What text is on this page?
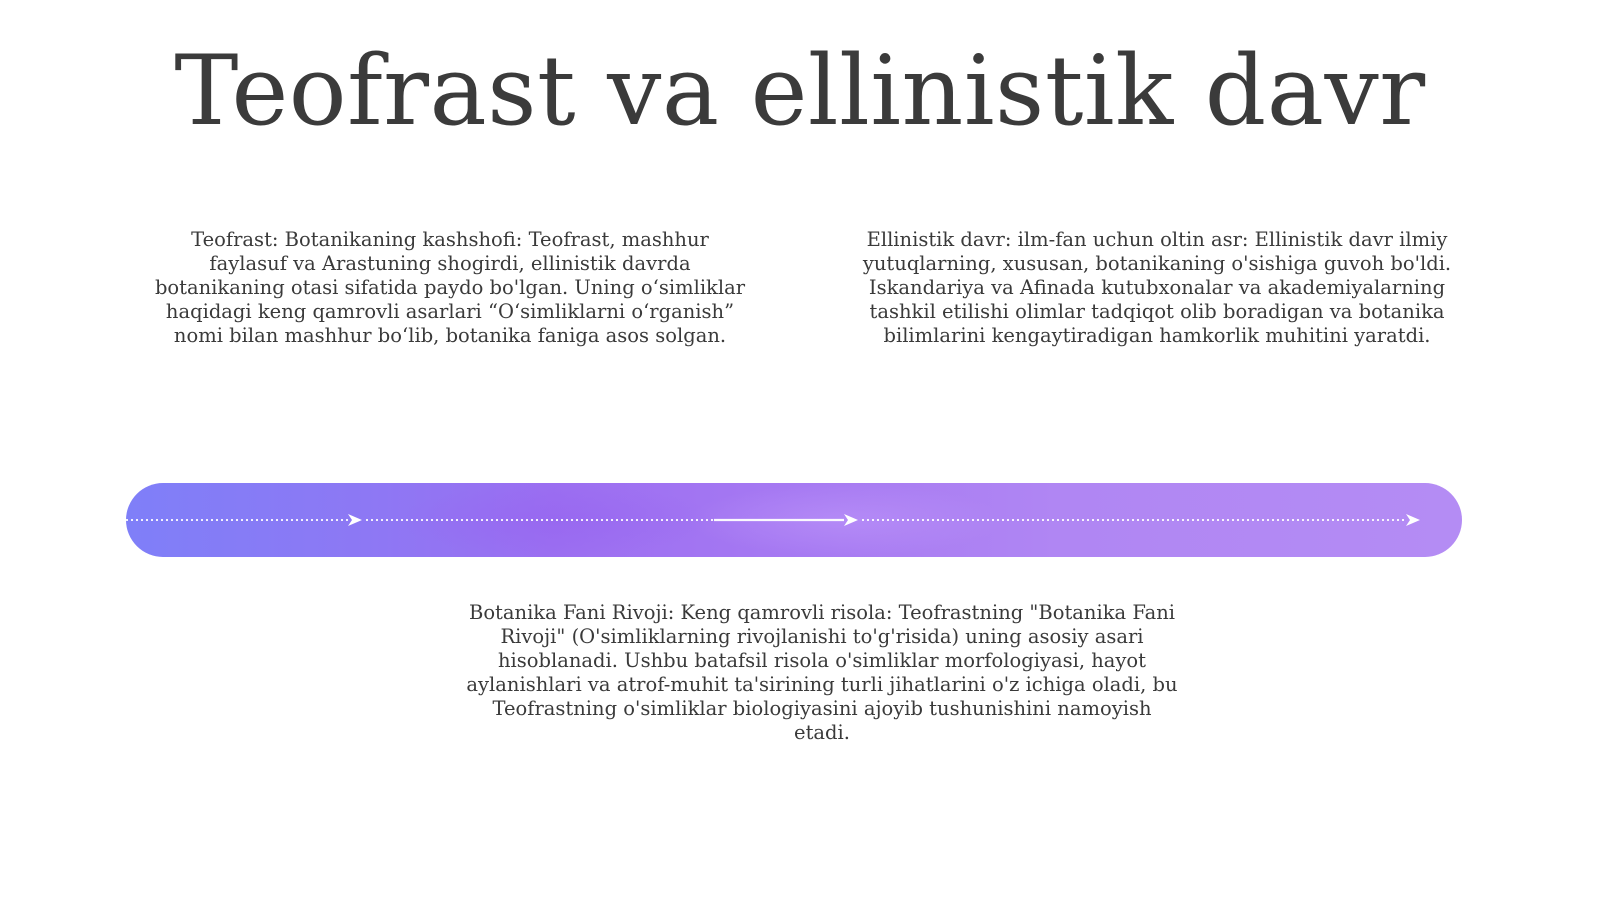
Teofrast va ellinistik davr

Teofrast: Botanikaning kashshofi: Teofrast, mashhur faylasuf va Arastuning shogirdi, ellinistik davrda botanikaning otasi sifatida paydo bo'lgan. Uning o‘simliklar haqidagi keng qamrovli asarlari “O‘simliklarni o‘rganish” nomi bilan mashhur bo‘lib, botanika faniga asos solgan.

Ellinistik davr: ilm-fan uchun oltin asr: Ellinistik davr ilmiy yutuqlarning, xususan, botanikaning o'sishiga guvoh bo'ldi. Iskandariya va Afinada kutubxonalar va akademiyalarning tashkil etilishi olimlar tadqiqot olib boradigan va botanika bilimlarini kengaytiradigan hamkorlik muhitini yaratdi.

Botanika Fani Rivoji: Keng qamrovli risola: Teofrastning "Botanika Fani Rivoji" (O'simliklarning rivojlanishi to'g'risida) uning asosiy asari hisoblanadi. Ushbu batafsil risola o'simliklar morfologiyasi, hayot aylanishlari va atrof-muhit ta'sirining turli jihatlarini o'z ichiga oladi, bu Teofrastning o'simliklar biologiyasini ajoyib tushunishini namoyish etadi.
